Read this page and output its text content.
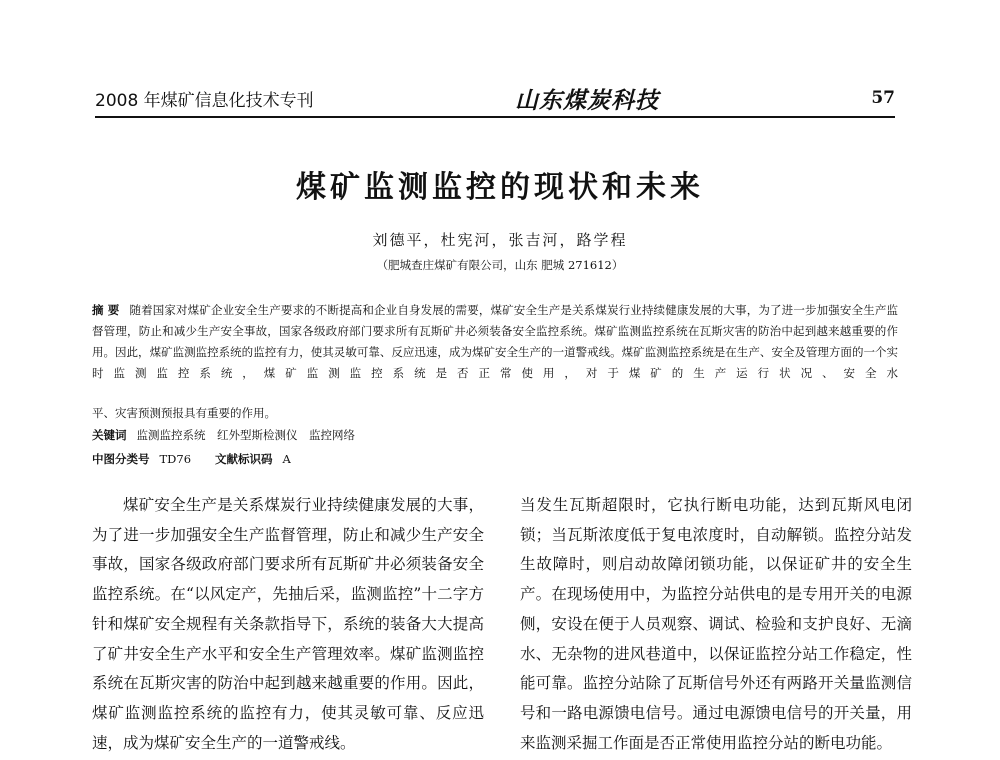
2008 年煤矿信息化技术专刊	山东煤炭科技	57
煤矿监测监控的现状和未来
刘德平，杜宪河，张吉河，路学程
（肥城查庄煤矿有限公司，山东 肥城 271612）
摘 要 随着国家对煤矿企业安全生产要求的不断提高和企业自身发展的需要，煤矿安全生产是关系煤炭行业持续健康发展的大事，为了进一步加强安全生产监督管理，防止和减少生产安全事故，国家各级政府部门要求所有瓦斯矿井必须装备安全监控系统。煤矿监测监控系统在瓦斯灾害的防治中起到越来越重要的作用。因此，煤矿监测监控系统的监控有力，使其灵敏可靠、反应迅速，成为煤矿安全生产的一道警戒线。煤矿监测监控系统是在生产、安全及管理方面的一个实时监测监控系统，煤矿监测监控系统是否正常使用，对于煤矿的生产运行状况、安全水
平、灾害预测预报具有重要的作用。
关键词 监测监控系统　红外型斯检测仪　监控网络
中图分类号 TD76 文献标识码 A

煤矿安全生产是关系煤炭行业持续健康发展的大事，为了进一步加强安全生产监督管理，防止和减少生产安全事故，国家各级政府部门要求所有瓦斯矿井必须装备安全监控系统。在“以风定产，先抽后采，监测监控”十二字方针和煤矿安全规程有关条款指导下，系统的装备大大提高了矿井安全生产水平和安全生产管理效率。煤矿监测监控系统在瓦斯灾害的防治中起到越来越重要的作用。因此，煤矿监测监控系统的监控有力，使其灵敏可靠、反应迅速，成为煤矿安全生产的一道警戒线。

当发生瓦斯超限时，它执行断电功能，达到瓦斯风电闭锁；当瓦斯浓度低于复电浓度时，自动解锁。监控分站发生故障时，则启动故障闭锁功能，以保证矿井的安全生产。在现场使用中，为监控分站供电的是专用开关的电源侧，安设在便于人员观察、调试、检验和支护良好、无滴水、无杂物的进风巷道中，以保证监控分站工作稳定，性能可靠。监控分站除了瓦斯信号外还有两路开关量监测信号和一路电源馈电信号。通过电源馈电信号的开关量，用来监测采掘工作面是否正常使用监控分站的断电功能。
